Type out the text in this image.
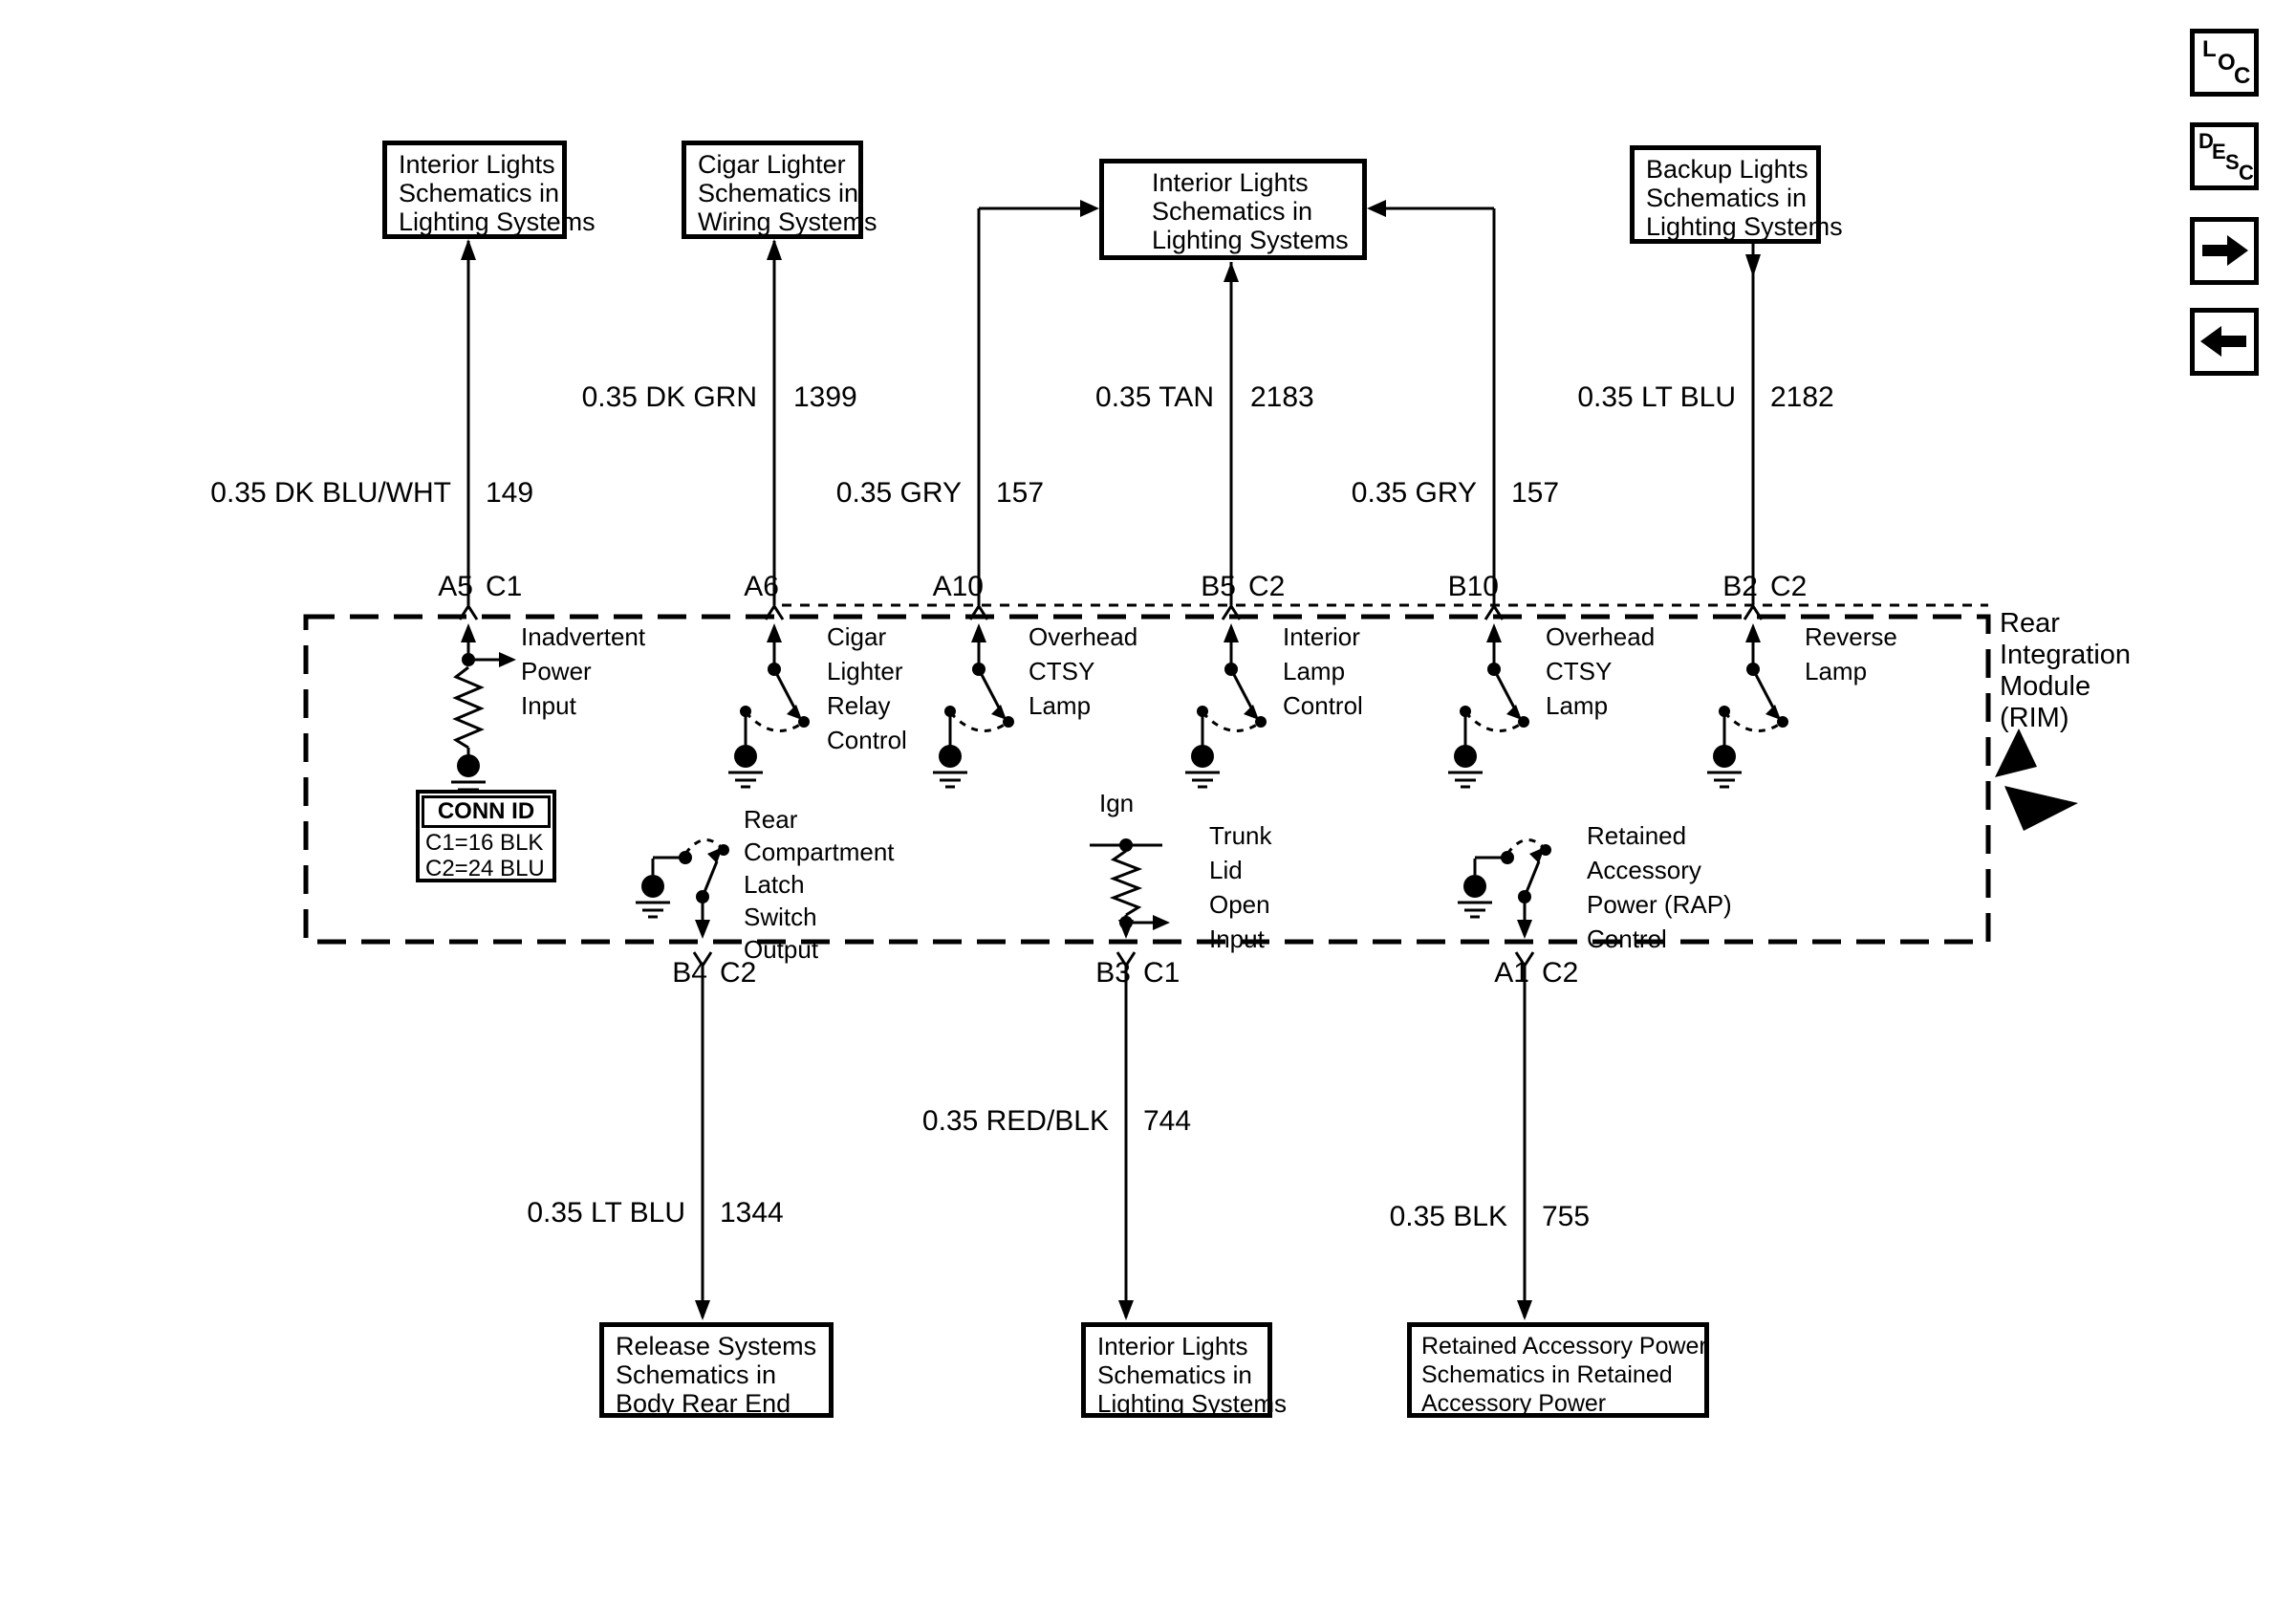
Interior Lights
Schematics in
Lighting Systems
Cigar Lighter
Schematics in
Wiring Systems
Interior Lights
Schematics in
Lighting Systems
Backup Lights
Schematics in
Lighting Systems
Release Systems
Schematics in
Body Rear End
Interior Lights
Schematics in
Lighting Systems
Retained Accessory Power
Schematics in Retained
Accessory Power
0.35 DK GRN 1399	0.35 TAN 2183	0.35 LT BLU 2182
0.35 DK BLU/WHT 149	0.35 GRY 157	0.35 GRY 157
0.35 RED/BLK 744
0.35 LT BLU 1344	0.35 BLK 755
A5 C1	A6	A10	B5 C2	B10	B2 C2
B4 C2	B3 C1	A1 C2
Inadvertent
Power
Input
Cigar
Lighter
Relay
Control
Overhead
CTSY
Lamp
Interior
Lamp
Control
Overhead
CTSY
Lamp
Reverse
Lamp
Rear
Compartment
Latch
Switch
Output
Ign
Trunk
Lid
Open
Input
Retained
Accessory
Power (RAP)
Control
CONN ID
C1=16 BLK
C2=24 BLU
Rear
Integration
Module
(RIM)
L
O
C
D
E S C
